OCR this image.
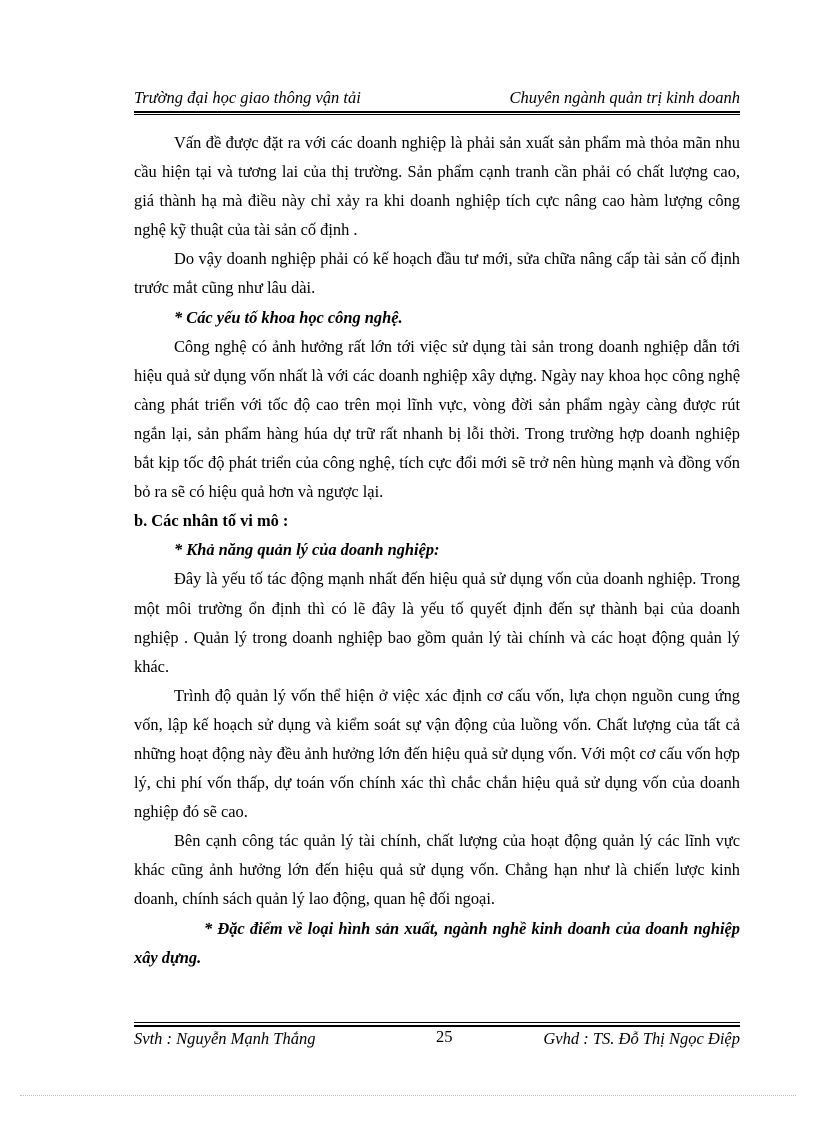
Trường đại học giao thông vận tải	Chuyên ngành quản trị kinh doanh

Vấn đề được đặt ra với các doanh nghiệp là phải sản xuất sản phẩm mà thỏa mãn nhu cầu hiện tại và tương lai của thị trường. Sản phẩm cạnh tranh cần phải có chất lượng cao, giá thành hạ mà điều này chỉ xảy ra khi doanh nghiệp tích cực nâng cao hàm lượng công nghệ kỹ thuật của tài sản cố định .

Do vậy doanh nghiệp phải có kế hoạch đầu tư mới, sửa chữa nâng cấp tài sản cố định trước mắt cũng như lâu dài.

* Các yếu tố khoa học công nghệ.

Công nghệ có ảnh hưởng rất lớn tới việc sử dụng tài sản trong doanh nghiệp dẫn tới hiệu quả sử dụng vốn nhất là với các doanh nghiệp xây dựng. Ngày nay khoa học công nghệ càng phát triển với tốc độ cao trên mọi lĩnh vực, vòng đời sản phẩm ngày càng được rút ngắn lại, sản phẩm hàng húa dự trữ rất nhanh bị lỗi thời. Trong trường hợp doanh nghiệp bắt kịp tốc độ phát triển của công nghệ, tích cực đổi mới sẽ trở nên hùng mạnh và đồng vốn bỏ ra sẽ có hiệu quả hơn và ngược lại.

b. Các nhân tố vi mô :

* Khả năng quản lý của doanh nghiệp:

Đây là yếu tố tác động mạnh nhất đến hiệu quả sử dụng vốn của doanh nghiệp. Trong một môi trường ổn định thì có lẽ đây là yếu tố quyết định đến sự thành bại của doanh nghiệp . Quản lý trong doanh nghiệp bao gồm quản lý tài chính và các hoạt động quản lý khác.

Trình độ quản lý vốn thể hiện ở việc xác định cơ cấu vốn, lựa chọn nguồn cung ứng vốn, lập kế hoạch sử dụng và kiểm soát sự vận động của luồng vốn. Chất lượng của tất cả những hoạt động này đều ảnh hưởng lớn đến hiệu quả sử dụng vốn. Với một cơ cấu vốn hợp lý, chi phí vốn thấp, dự toán vốn chính xác thì chắc chắn hiệu quả sử dụng vốn của doanh nghiệp đó sẽ cao.

Bên cạnh công tác quản lý tài chính, chất lượng của hoạt động quản lý các lĩnh vực khác cũng ảnh hưởng lớn đến hiệu quả sử dụng vốn. Chẳng hạn như là chiến lược kinh doanh, chính sách quản lý lao động, quan hệ đối ngoại.

* Đặc điểm về loại hình sản xuất, ngành nghề kinh doanh của doanh nghiệp xây dựng.

Svth : Nguyễn Mạnh Thắng	25	Gvhd : TS. Đỗ Thị Ngọc Điệp
